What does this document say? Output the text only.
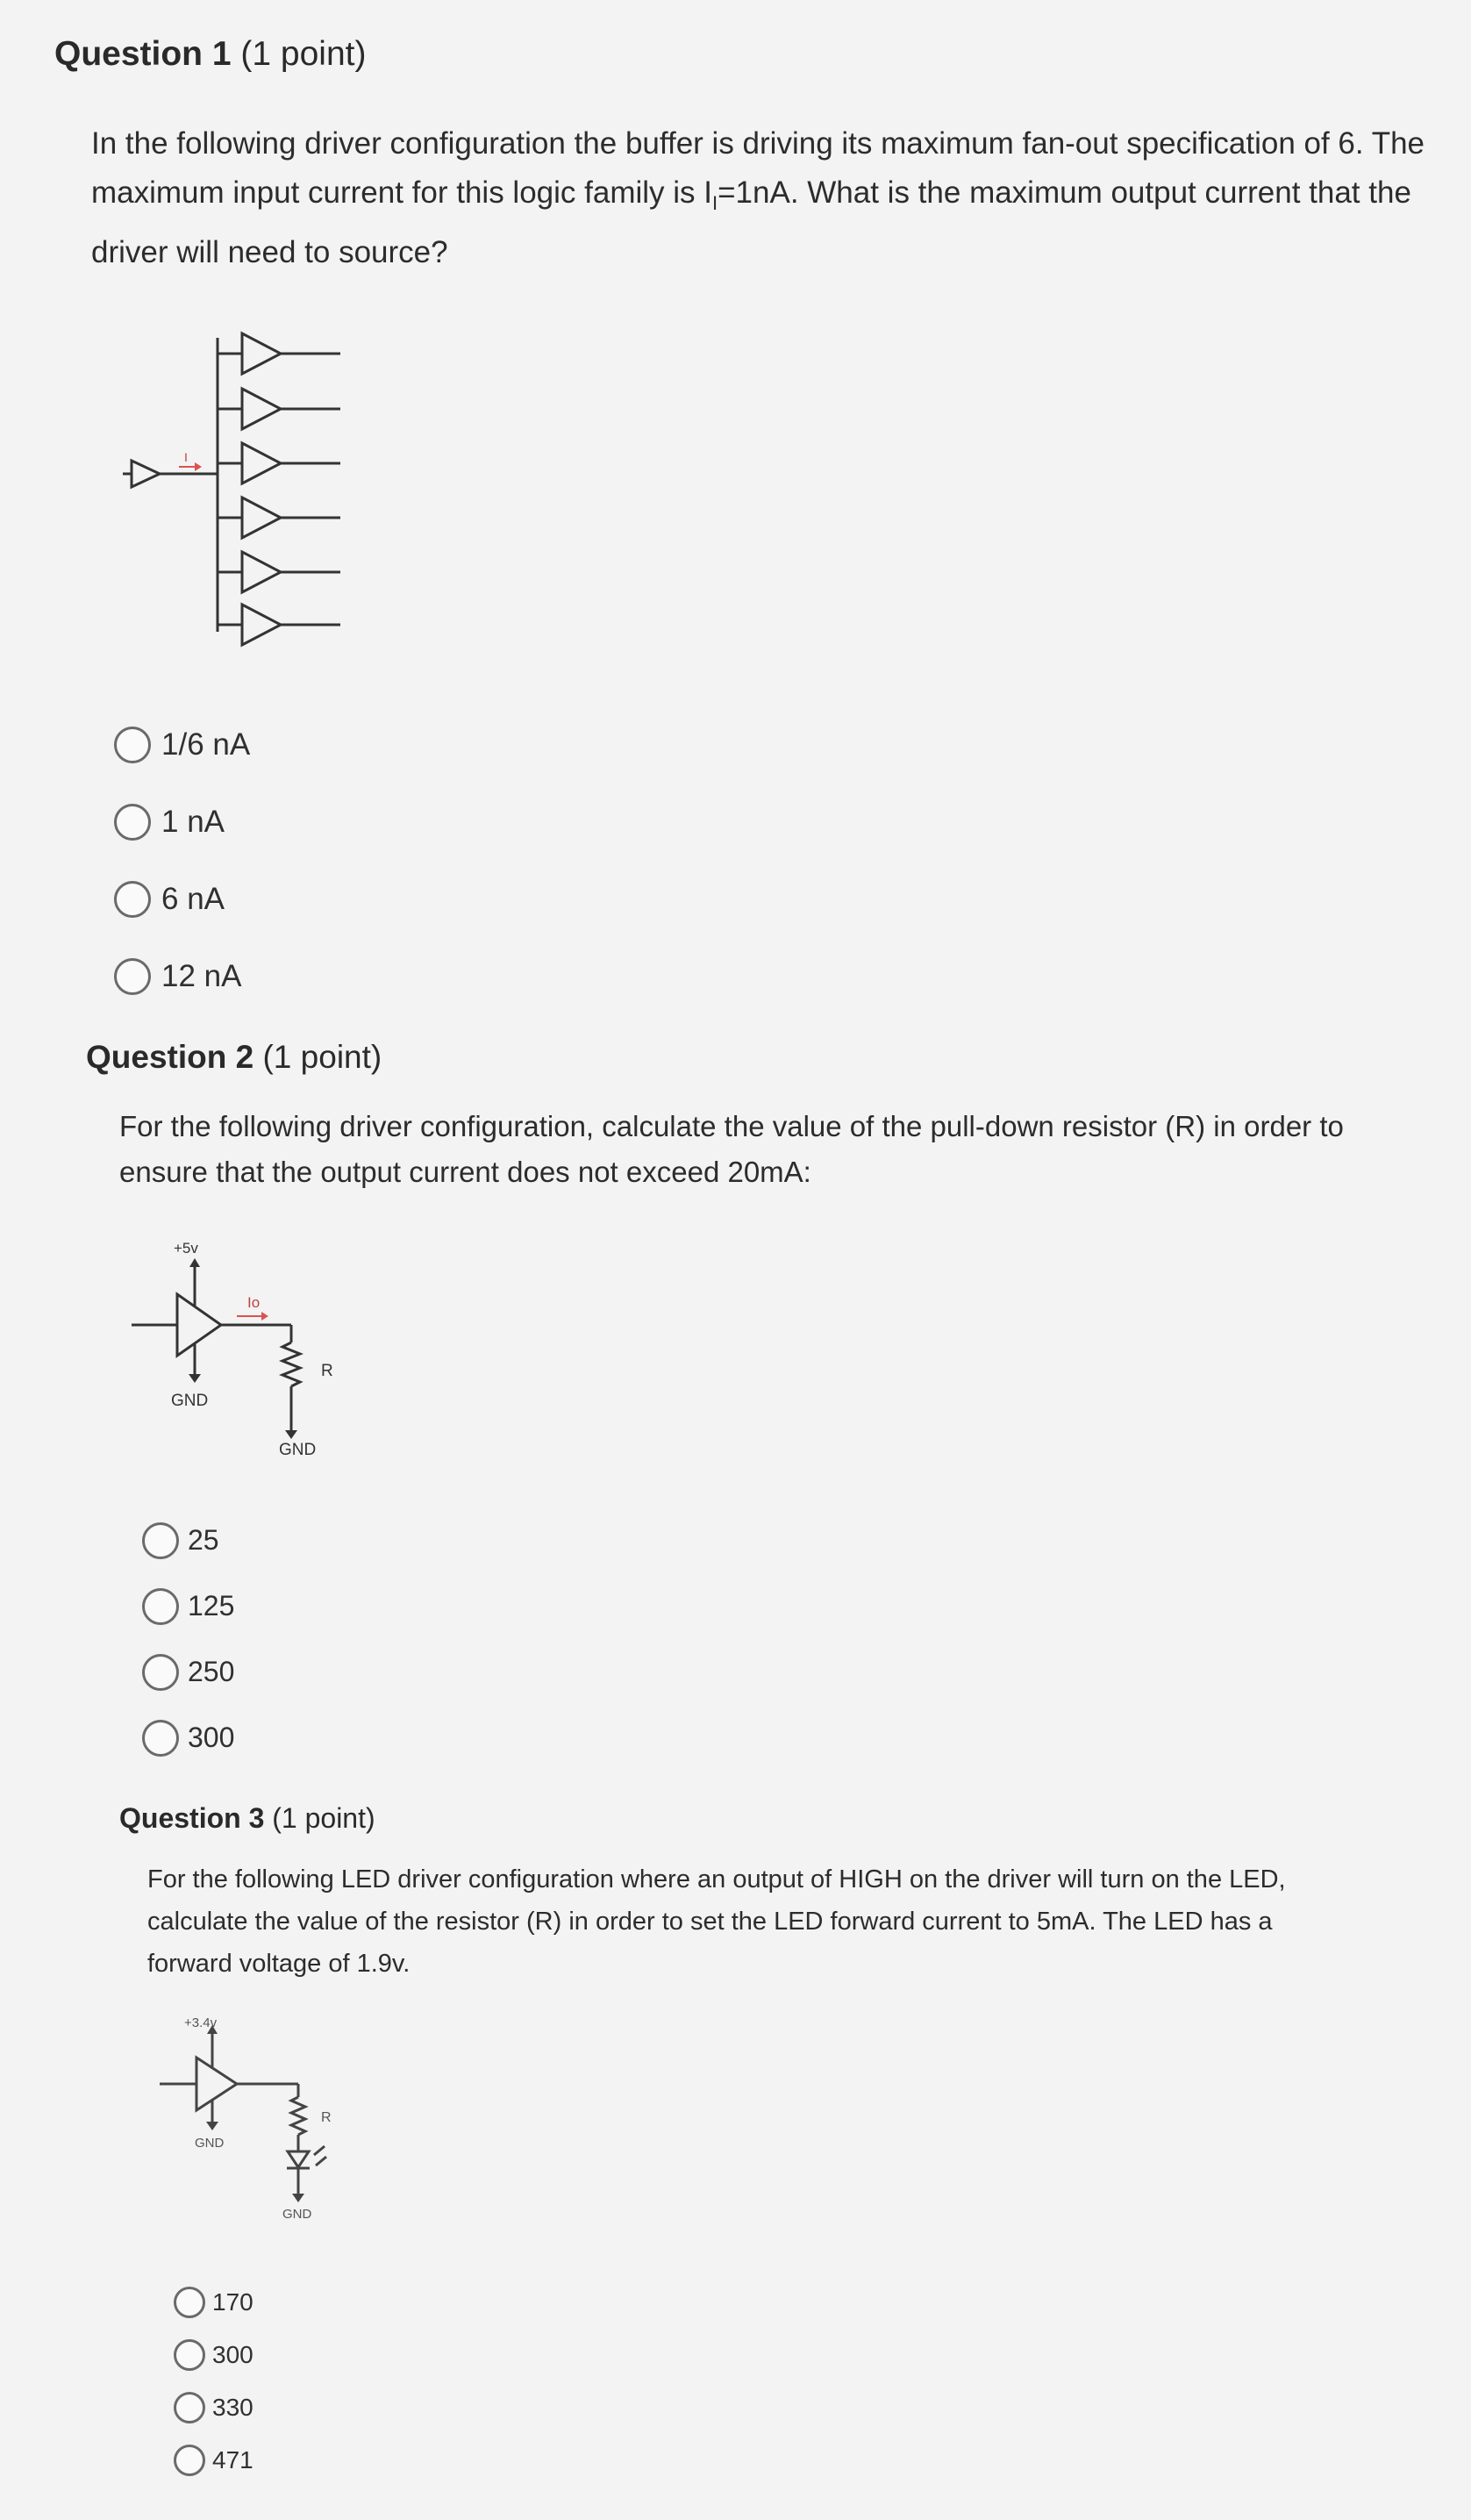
Question 1 (1 point)
In the following driver configuration the buffer is driving its maximum fan-out specification of 6. The maximum input current for this logic family is $I_I=1nA$. What is the maximum output current that the driver will need to source?
I
1/6 nA
1 nA
6 nA
12 nA
Question 2 (1 point)
For the following driver configuration, calculate the value of the pull-down resistor (R) in order to ensure that the output current does not exceed 20mA:
+5v
Io
R
GND
GND
25
125
250
300
Question 3 (1 point)
For the following LED driver configuration where an output of HIGH on the driver will turn on the LED, calculate the value of the resistor (R) in order to set the LED forward current to 5mA. The LED has a forward voltage of 1.9v.
+3.4v
R
GND
GND
170
300
330
471
